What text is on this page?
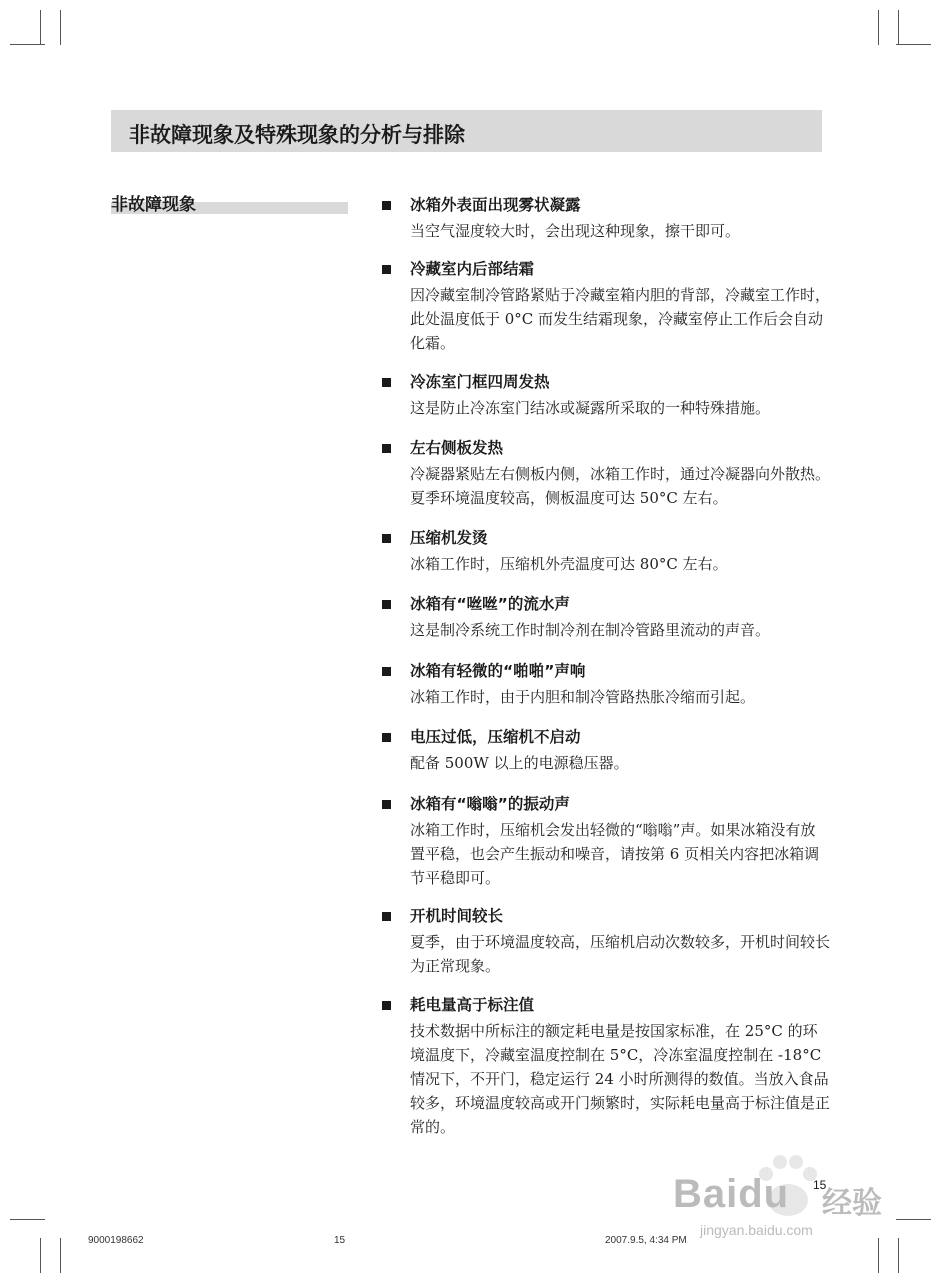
非故障现象及特殊现象的分析与排除
非故障现象	冰箱外表面出现雾状凝露
当空气湿度较大时，会出现这种现象，擦干即可。
冷藏室内后部结霜
因冷藏室制冷管路紧贴于冷藏室箱内胆的背部，冷藏室工作时，此处温度低于 0°C 而发生结霜现象，冷藏室停止工作后会自动化霜。
冷冻室门框四周发热
这是防止冷冻室门结冰或凝露所采取的一种特殊措施。
左右侧板发热
冷凝器紧贴左右侧板内侧，冰箱工作时，通过冷凝器向外散热。夏季环境温度较高，侧板温度可达 50°C 左右。
压缩机发烫
冰箱工作时，压缩机外壳温度可达 80°C 左右。
冰箱有“咝咝”的流水声
这是制冷系统工作时制冷剂在制冷管路里流动的声音。
冰箱有轻微的“啪啪”声响
冰箱工作时，由于内胆和制冷管路热胀冷缩而引起。
电压过低，压缩机不启动
配备 500W 以上的电源稳压器。
冰箱有“嗡嗡”的振动声
冰箱工作时，压缩机会发出轻微的“嗡嗡”声。如果冰箱没有放置平稳，也会产生振动和噪音，请按第 6 页相关内容把冰箱调节平稳即可。
开机时间较长
夏季，由于环境温度较高，压缩机启动次数较多，开机时间较长为正常现象。
耗电量高于标注值
技术数据中所标注的额定耗电量是按国家标准，在 25°C 的环境温度下，冷藏室温度控制在 5°C，冷冻室温度控制在 -18°C 情况下，不开门，稳定运行 24 小时所测得的数值。当放入食品较多，环境温度较高或开门频繁时，实际耗电量高于标注值是正常的。
Baidu 经验
jingyan.baidu.com
15
9000198662	15	2007.9.5, 4:34 PM
